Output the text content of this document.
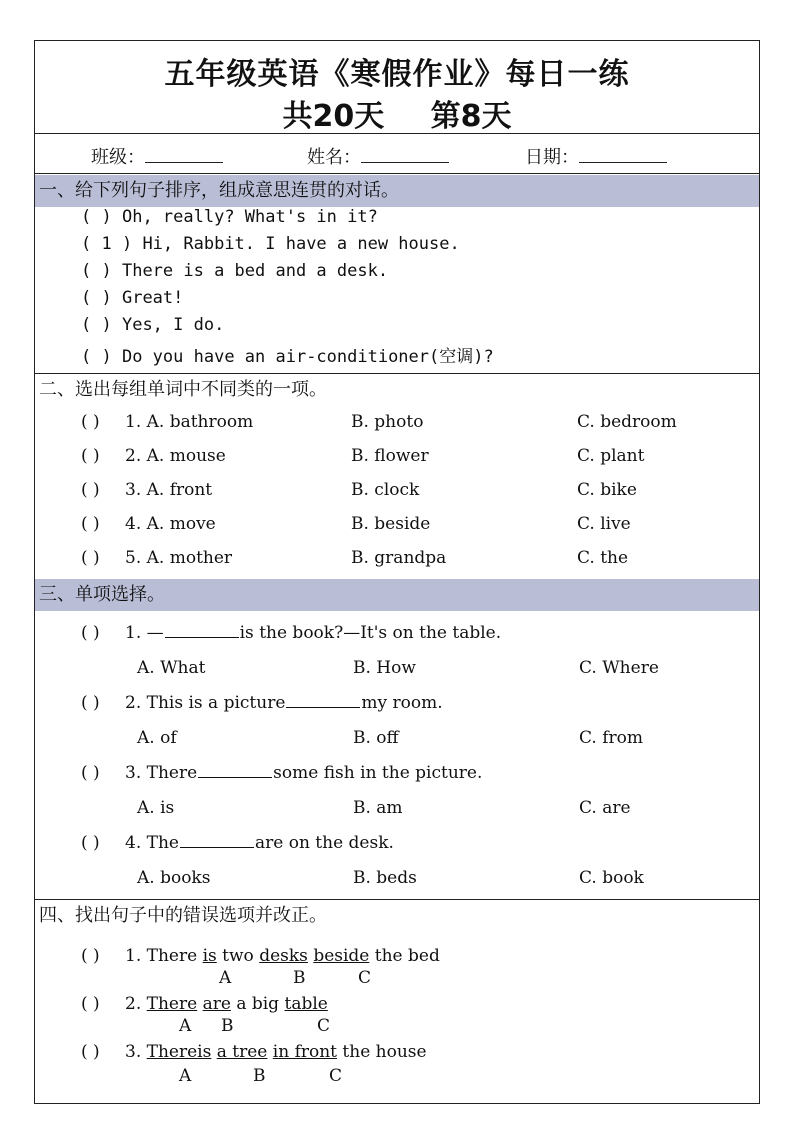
五年级英语《寒假作业》每日一练
共20天 第8天
班级：	姓名：	日期：
一、给下列句子排序，组成意思连贯的对话。
( ) Oh, really? What's in it?
( 1 ) Hi, Rabbit. I have a new house.
( ) There is a bed and a desk.
( ) Great!
( ) Yes, I do.
( ) Do you have an air-conditioner(空调)?
二、选出每组单词中不同类的一项。
( ) 1. A. bathroom	B. photo	C. bedroom
( ) 2. A. mouse	B. flower	C. plant
( ) 3. A. front	B. clock	C. bike
( ) 4. A. move	B. beside	C. live
( ) 5. A. mother	B. grandpa	C. the
三、单项选择。
( ) 1. —	is the book?—It's on the table.
A. What	B. How	C. Where
( ) 2. This is a picture	my room.
A. of	B. off	C. from
( ) 3. There	some fish in the picture.
A. is	B. am	C. are
( ) 4. The	are on the desk.
A. books	B. beds	C. book
四、找出句子中的错误选项并改正。
( ) 1. There is two desks beside the bed
A	B	C
( ) 2. There are a big table
A B	C
( ) 3. Thereis a tree in front the house
A	B	C
